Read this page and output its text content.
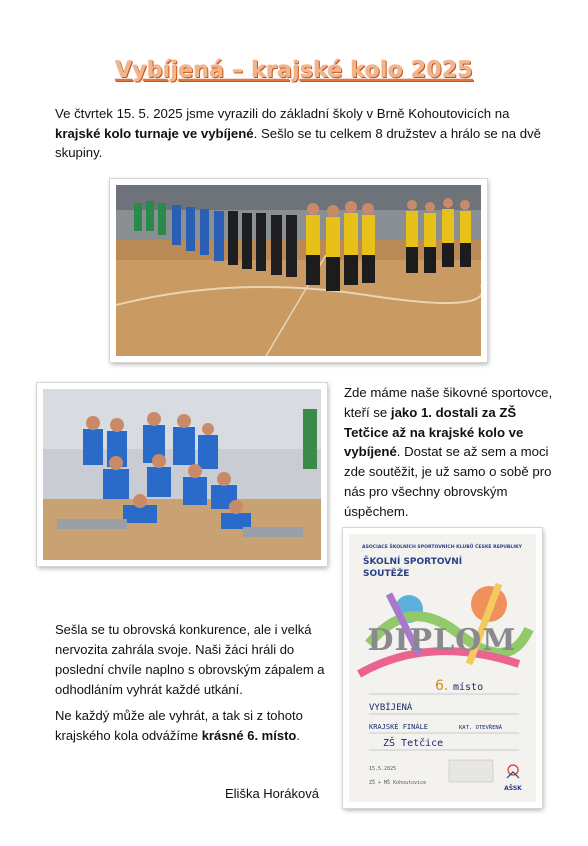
Vybíjená – krajské kolo 2025
Ve čtvrtek 15. 5. 2025 jsme vyrazili do základní školy v Brně Kohoutovicích na krajské kolo turnaje ve vybíjené. Sešlo se tu celkem 8 družstev a hrálo se na dvě skupiny.
Zde máme naše šikovné sportovce, kteří se jako 1. dostali za ZŠ Tetčice až na krajské kolo ve vybíjené. Dostat se až sem a moci zde soutěžit, je už samo o sobě pro nás pro všechny obrovským úspěchem.
ASOCIACE ŠKOLNÍCH SPORTOVNÍCH KLUBŮ ČESKÉ REPUBLIKY
ŠKOLNÍ SPORTOVNÍ
SOUTĚŽE
DIPLOM
6. místo
VYBÍJENÁ
KRAJSKÉ FINÁLE	KAT. OTEVŘENÁ
ZŠ Tetčice
15.5.2025
ZŠ + MŠ Kohoutovice
AŠSK
Sešla se tu obrovská konkurence, ale i velká nervozita zahrála svoje. Naši žáci hráli do poslední chvíle naplno s obrovským zápalem a odhodláním vyhrát každé utkání.
Ne každý může ale vyhrát, a tak si z tohoto krajského kola odvážíme krásné 6. místo.
Eliška Horáková
